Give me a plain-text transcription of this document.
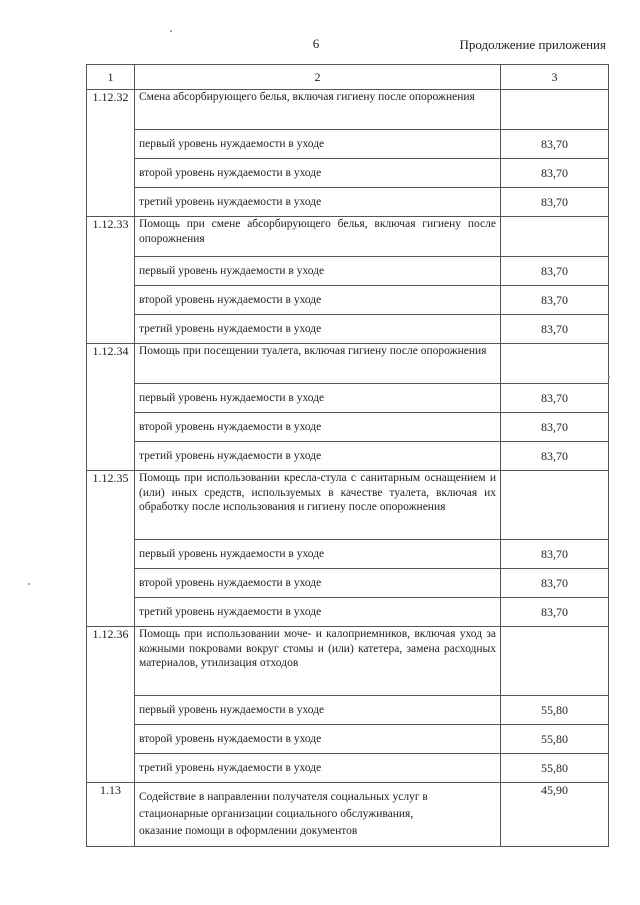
6	Продолжение приложения
1	2	3
1.12.32	Смена абсорбирующего белья, включая гигиену после опорожнения	
	первый уровень нуждаемости в уходе	83,70
	второй уровень нуждаемости в уходе	83,70
	третий уровень нуждаемости в уходе	83,70
1.12.33	Помощь при смене абсорбирующего белья, включая гигиену после опорожнения	
	первый уровень нуждаемости в уходе	83,70
	второй уровень нуждаемости в уходе	83,70
	третий уровень нуждаемости в уходе	83,70
1.12.34	Помощь при посещении туалета, включая гигиену после опорожнения	
	первый уровень нуждаемости в уходе	83,70
	второй уровень нуждаемости в уходе	83,70
	третий уровень нуждаемости в уходе	83,70
1.12.35	Помощь при использовании кресла-стула с санитарным оснащением и (или) иных средств, используемых в качестве туалета, включая их обработку после использования и гигиену после опорожнения	
	первый уровень нуждаемости в уходе	83,70
	второй уровень нуждаемости в уходе	83,70
	третий уровень нуждаемости в уходе	83,70
1.12.36	Помощь при использовании моче- и калоприемников, включая уход за кожными покровами вокруг стомы и (или) катетера, замена расходных материалов, утилизация отходов	
	первый уровень нуждаемости в уходе	55,80
	второй уровень нуждаемости в уходе	55,80
	третий уровень нуждаемости в уходе	55,80
1.13	Содействие в направлении получателя социальных услуг в
стационарные организации социального обслуживания,
оказание помощи в оформлении документов	45,90
